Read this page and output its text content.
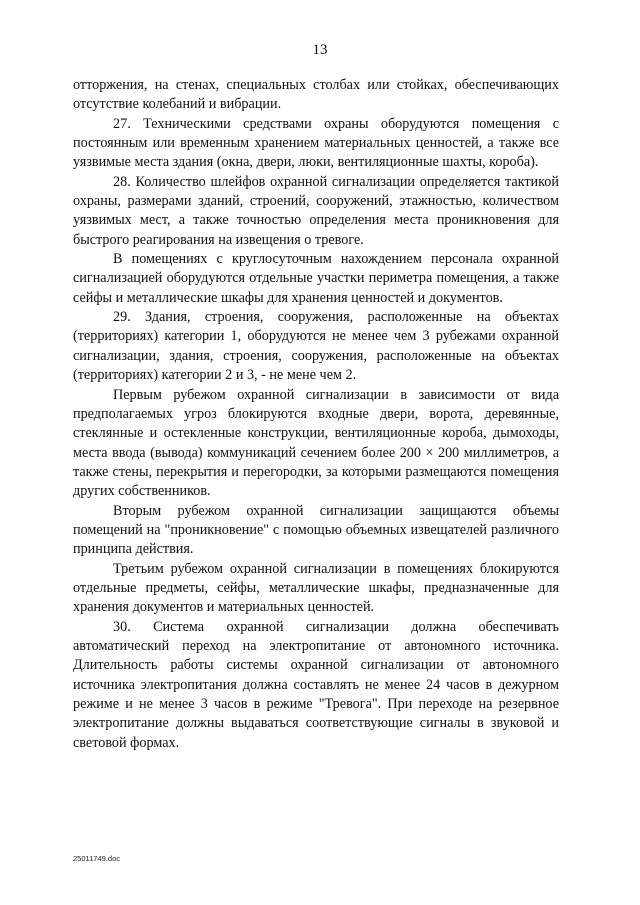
13

отторжения, на стенах, специальных столбах или стойках, обеспечивающих отсутствие колебаний и вибрации.

27. Техническими средствами охраны оборудуются помещения с постоянным или временным хранением материальных ценностей, а также все уязвимые места здания (окна, двери, люки, вентиляционные шахты, короба).

28. Количество шлейфов охранной сигнализации определяется тактикой охраны, размерами зданий, строений, сооружений, этажностью, количеством уязвимых мест, а также точностью определения места проникновения для быстрого реагирования на извещения о тревоге.

В помещениях с круглосуточным нахождением персонала охранной сигнализацией оборудуются отдельные участки периметра помещения, а также сейфы и металлические шкафы для хранения ценностей и документов.

29. Здания, строения, сооружения, расположенные на объектах (территориях) категории 1, оборудуются не менее чем 3 рубежами охранной сигнализации, здания, строения, сооружения, расположенные на объектах (территориях) категории 2 и 3, - не мене чем 2.

Первым рубежом охранной сигнализации в зависимости от вида предполагаемых угроз блокируются входные двери, ворота, деревянные, стеклянные и остекленные конструкции, вентиляционные короба, дымоходы, места ввода (вывода) коммуникаций сечением более 200 × 200 миллиметров, а также стены, перекрытия и перегородки, за которыми размещаются помещения других собственников.

Вторым рубежом охранной сигнализации защищаются объемы помещений на "проникновение" с помощью объемных извещателей различного принципа действия.

Третьим рубежом охранной сигнализации в помещениях блокируются отдельные предметы, сейфы, металлические шкафы, предназначенные для хранения документов и материальных ценностей.

30. Система охранной сигнализации должна обеспечивать автоматический переход на электропитание от автономного источника. Длительность работы системы охранной сигнализации от автономного источника электропитания должна составлять не менее 24 часов в дежурном режиме и не менее 3 часов в режиме "Тревога". При переходе на резервное электропитание должны выдаваться соответствующие сигналы в звуковой и световой формах.

25011749.doc
